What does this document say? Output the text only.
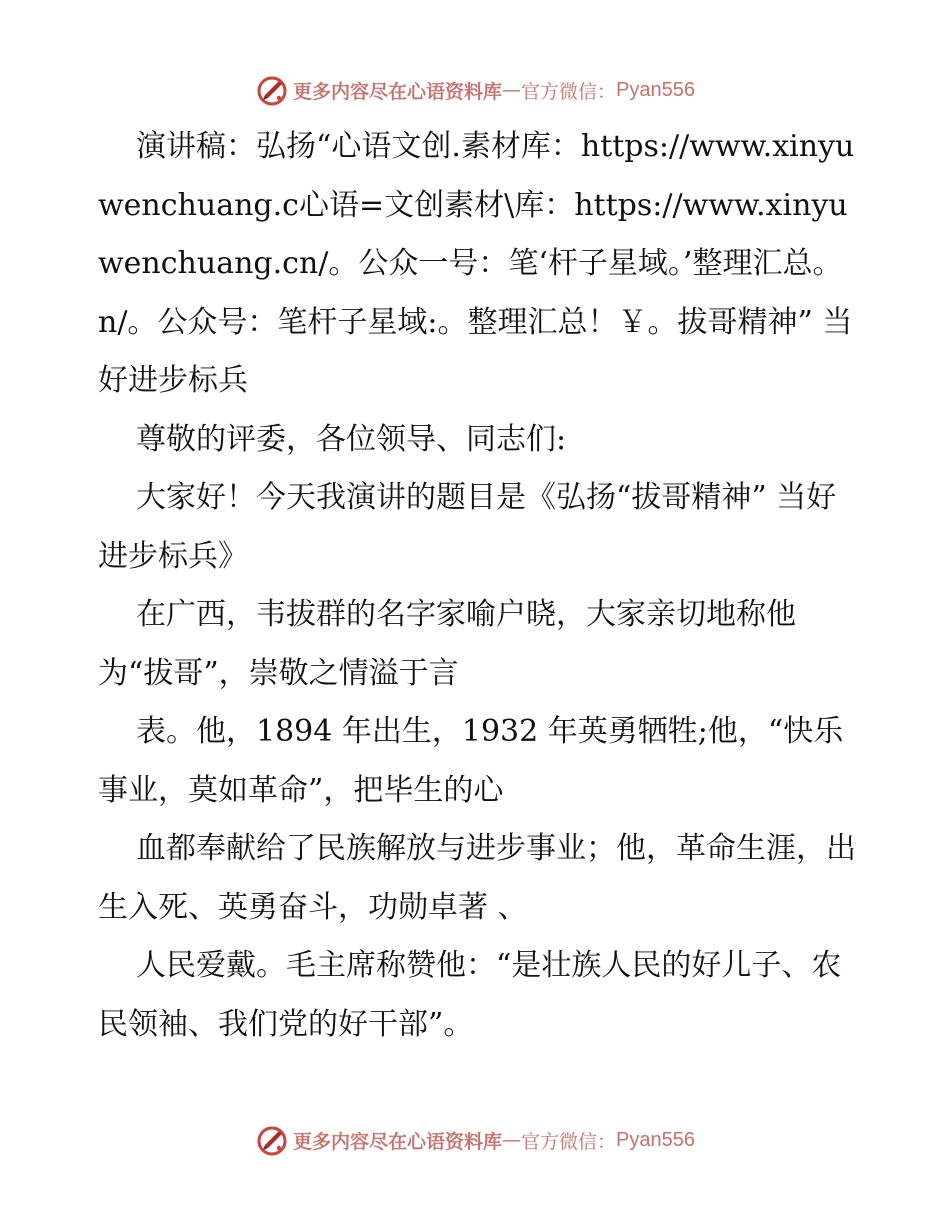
更多内容尽在心语资料库 — 官方微信： Pyan556

演讲稿：弘扬“心语文创.素材库：https://www.xinyuwenchuang.c心语=文创素材\库：https://www.xinyuwenchuang.cn/。公众一号：笔‘杆子星域。’整理汇总。n/。公众号：笔杆子星域:。整理汇总！￥。拔哥精神” 当好进步标兵

尊敬的评委，各位领导、同志们:

大家好！今天我演讲的题目是《弘扬“拔哥精神” 当好进步标兵》

在广西，韦拔群的名字家喻户晓，大家亲切地称他为“拔哥”，崇敬之情溢于言

表。他，1894 年出生，1932 年英勇牺牲;他，“快乐事业，莫如革命”，把毕生的心

血都奉献给了民族解放与进步事业；他，革命生涯，出生入死、英勇奋斗，功勋卓著 、

人民爱戴。毛主席称赞他：“是壮族人民的好儿子、农民领袖、我们党的好干部”。

更多内容尽在心语资料库 — 官方微信： Pyan556
